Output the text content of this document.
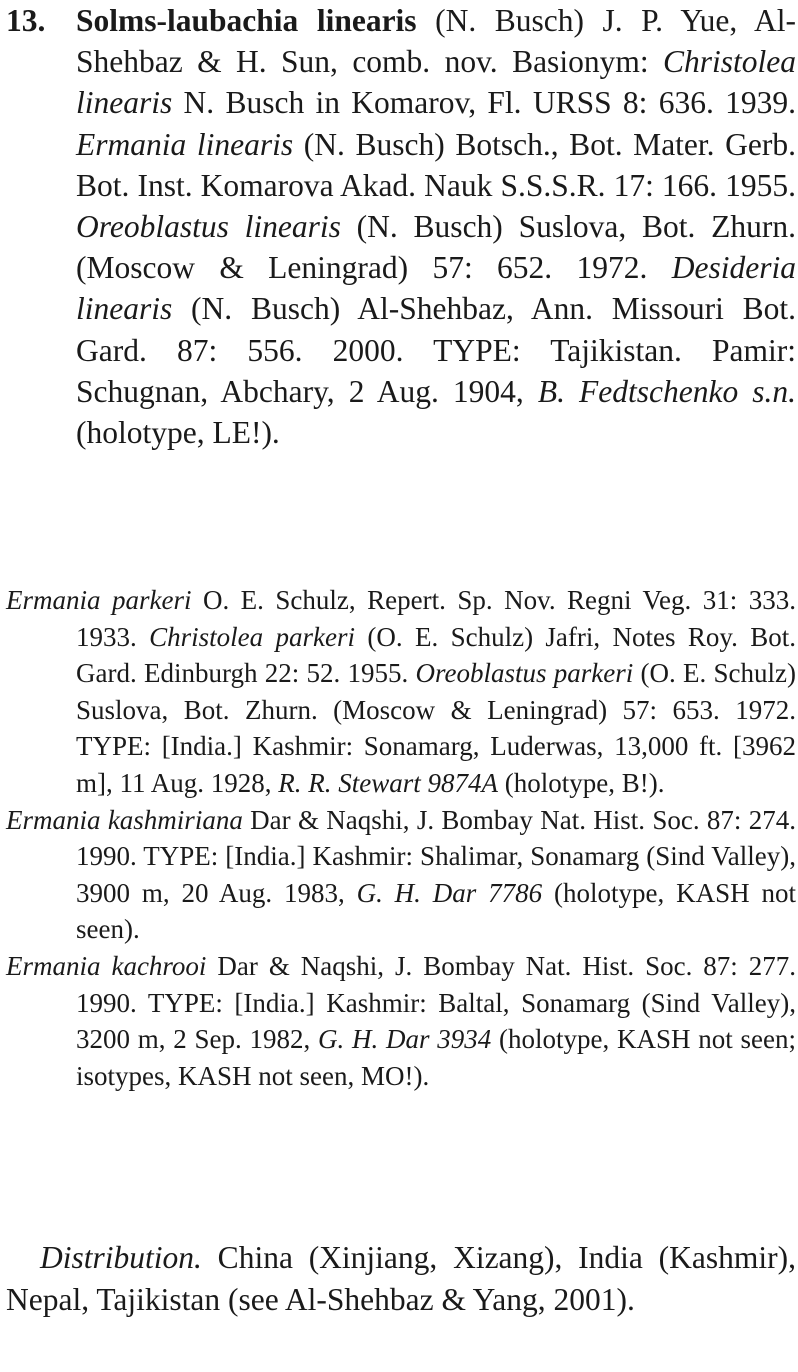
13. Solms-laubachia linearis (N. Busch) J. P. Yue, Al-Shehbaz & H. Sun, comb. nov. Basionym: Christolea linearis N. Busch in Komarov, Fl. URSS 8: 636. 1939. Ermania linearis (N. Busch) Botsch., Bot. Mater. Gerb. Bot. Inst. Komarova Akad. Nauk S.S.S.R. 17: 166. 1955. Oreoblastus linearis (N. Busch) Suslova, Bot. Zhurn. (Moscow & Leningrad) 57: 652. 1972. Desideria linearis (N. Busch) Al-Shehbaz, Ann. Missouri Bot. Gard. 87: 556. 2000. TYPE: Tajikistan. Pamir: Schugnan, Abchary, 2 Aug. 1904, B. Fedtschenko s.n. (holotype, LE!).

Ermania parkeri O. E. Schulz, Repert. Sp. Nov. Regni Veg. 31: 333. 1933. Christolea parkeri (O. E. Schulz) Jafri, Notes Roy. Bot. Gard. Edinburgh 22: 52. 1955. Oreoblastus parkeri (O. E. Schulz) Suslova, Bot. Zhurn. (Moscow & Leningrad) 57: 653. 1972. TYPE: [India.] Kashmir: Sonamarg, Luderwas, 13,000 ft. [3962 m], 11 Aug. 1928, R. R. Stewart 9874A (holotype, B!).

Ermania kashmiriana Dar & Naqshi, J. Bombay Nat. Hist. Soc. 87: 274. 1990. TYPE: [India.] Kashmir: Shalimar, Sonamarg (Sind Valley), 3900 m, 20 Aug. 1983, G. H. Dar 7786 (holotype, KASH not seen).

Ermania kachrooi Dar & Naqshi, J. Bombay Nat. Hist. Soc. 87: 277. 1990. TYPE: [India.] Kashmir: Baltal, Sonamarg (Sind Valley), 3200 m, 2 Sep. 1982, G. H. Dar 3934 (holotype, KASH not seen; isotypes, KASH not seen, MO!).

Distribution. China (Xinjiang, Xizang), India (Kashmir), Nepal, Tajikistan (see Al-Shehbaz & Yang, 2001).
